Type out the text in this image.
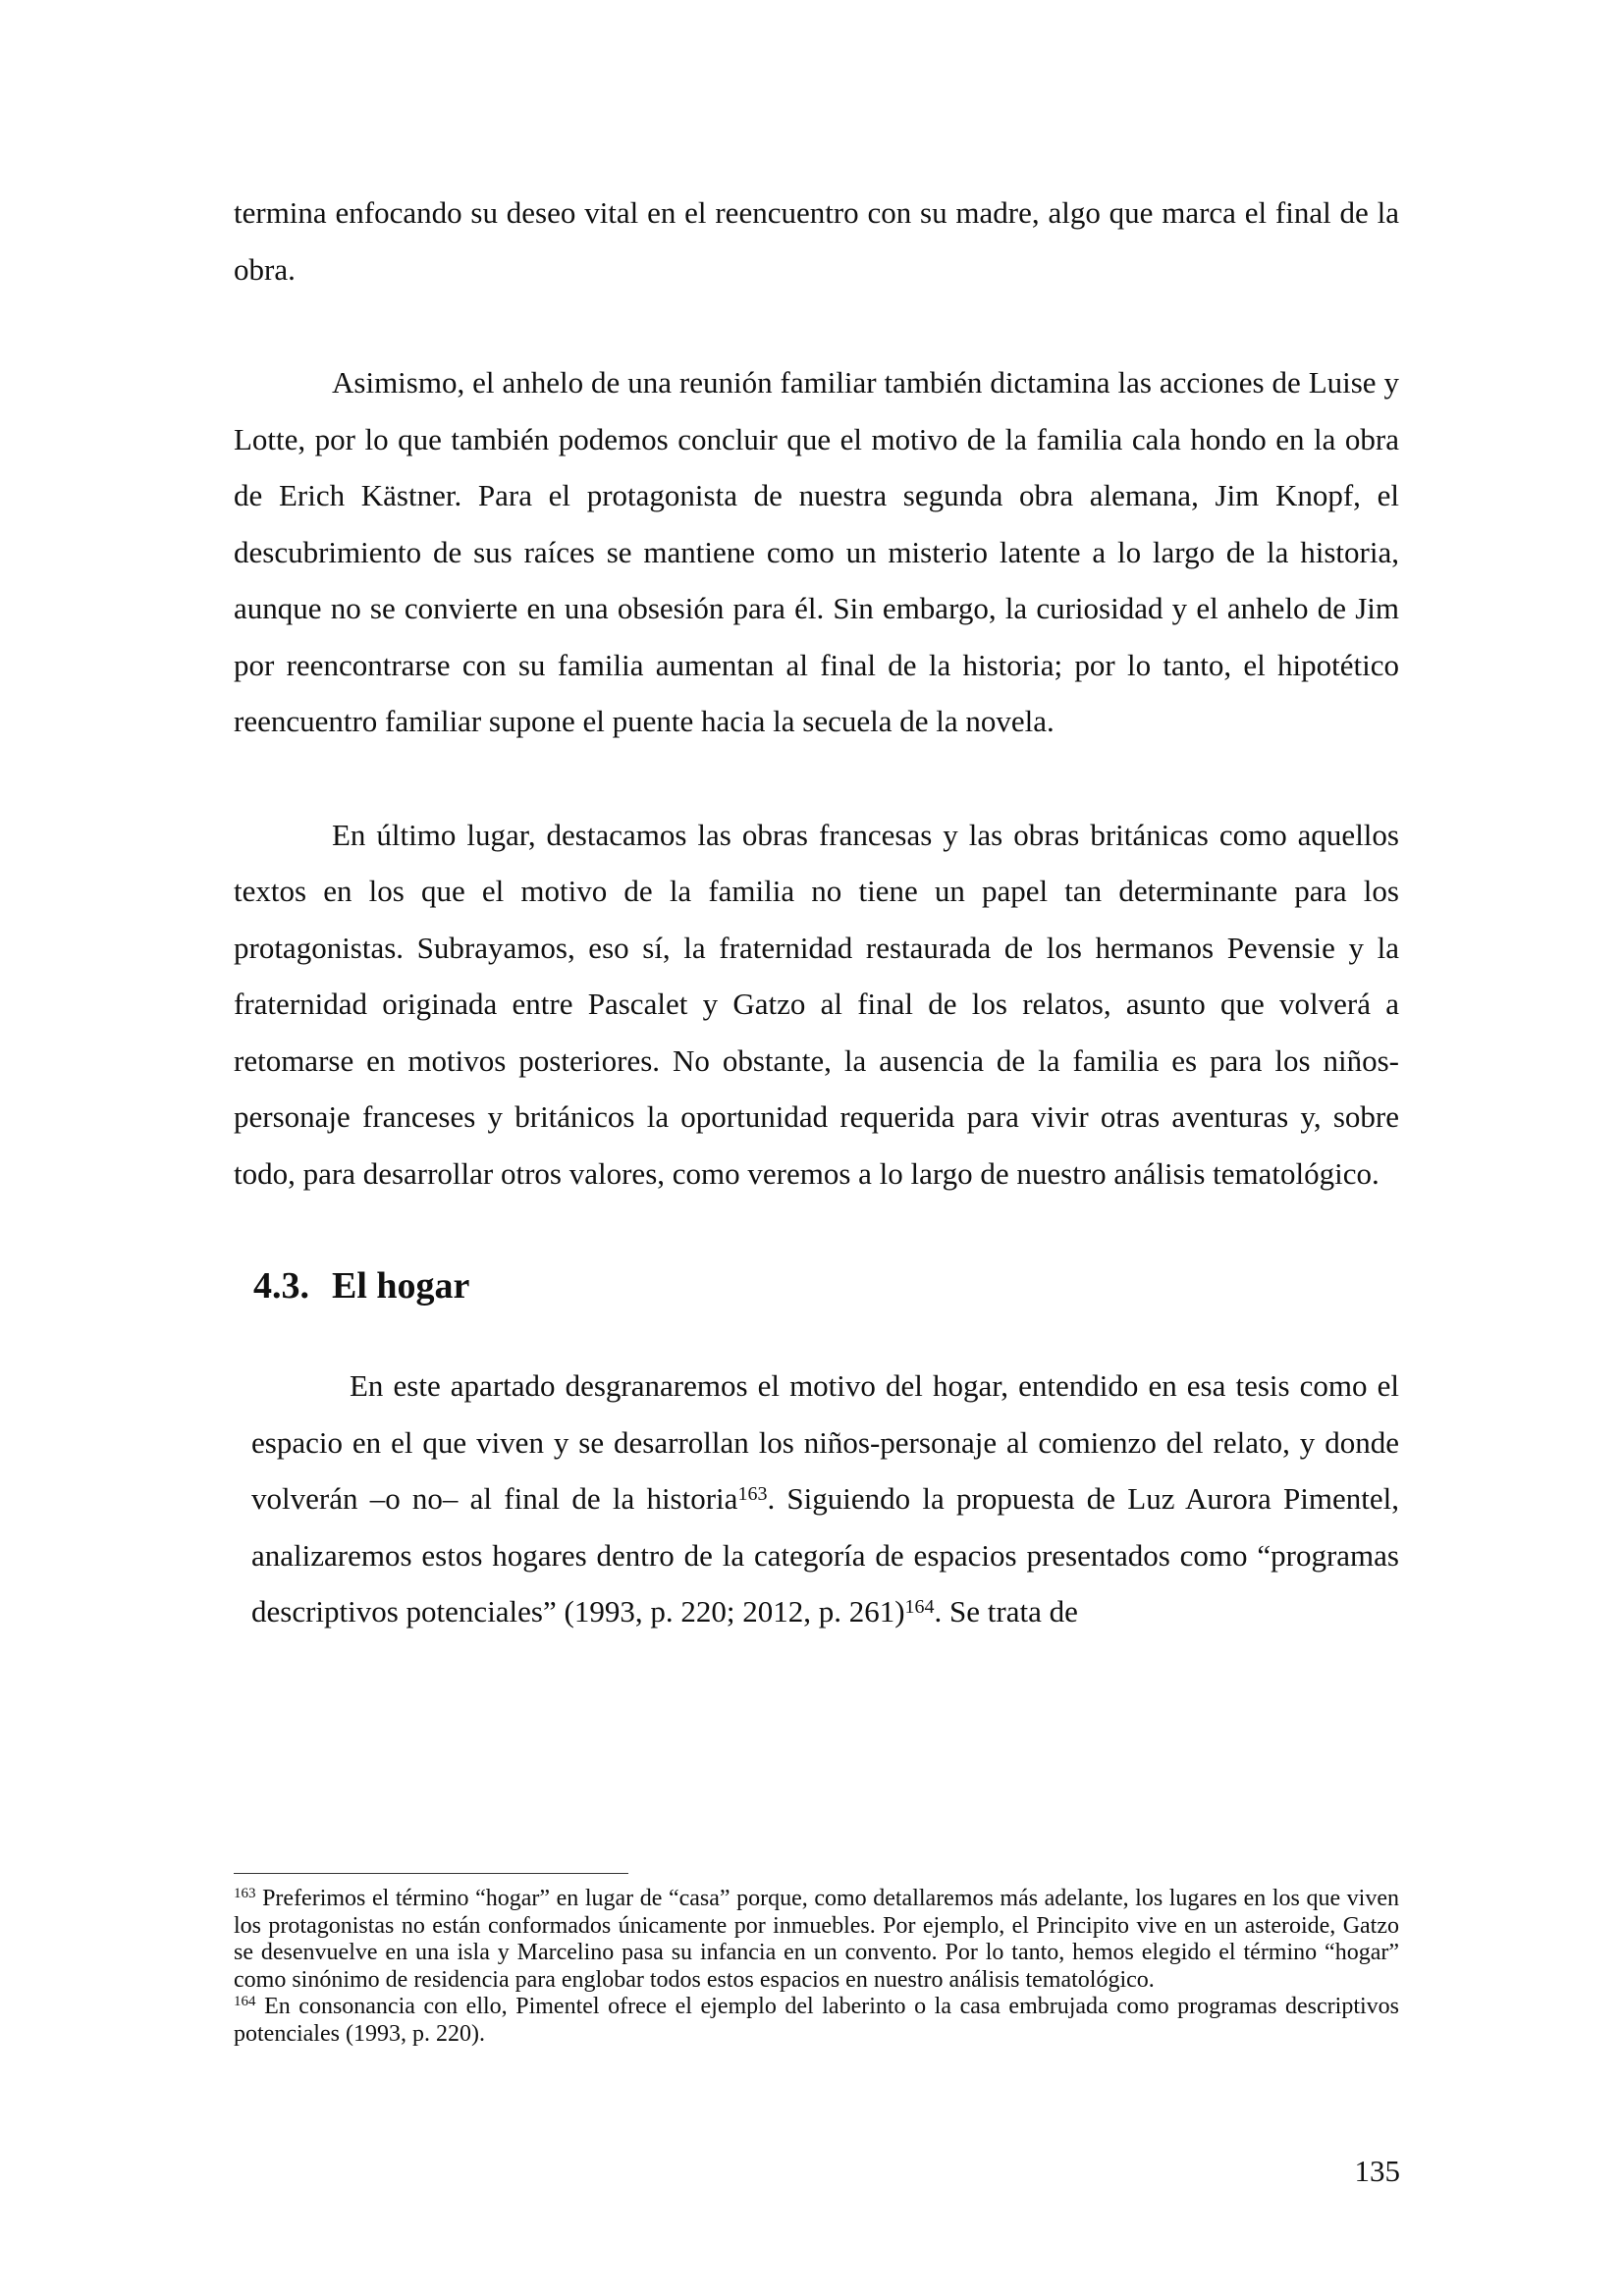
termina enfocando su deseo vital en el reencuentro con su madre, algo que marca el final de la obra.

Asimismo, el anhelo de una reunión familiar también dictamina las acciones de Luise y Lotte, por lo que también podemos concluir que el motivo de la familia cala hondo en la obra de Erich Kästner. Para el protagonista de nuestra segunda obra alemana, Jim Knopf, el descubrimiento de sus raíces se mantiene como un misterio latente a lo largo de la historia, aunque no se convierte en una obsesión para él. Sin embargo, la curiosidad y el anhelo de Jim por reencontrarse con su familia aumentan al final de la historia; por lo tanto, el hipotético reencuentro familiar supone el puente hacia la secuela de la novela.

En último lugar, destacamos las obras francesas y las obras británicas como aquellos textos en los que el motivo de la familia no tiene un papel tan determinante para los protagonistas. Subrayamos, eso sí, la fraternidad restaurada de los hermanos Pevensie y la fraternidad originada entre Pascalet y Gatzo al final de los relatos, asunto que volverá a retomarse en motivos posteriores. No obstante, la ausencia de la familia es para los niños-personaje franceses y británicos la oportunidad requerida para vivir otras aventuras y, sobre todo, para desarrollar otros valores, como veremos a lo largo de nuestro análisis tematológico.

4.3. El hogar

En este apartado desgranaremos el motivo del hogar, entendido en esa tesis como el espacio en el que viven y se desarrollan los niños-personaje al comienzo del relato, y donde volverán –o no– al final de la historia$^{163}$. Siguiendo la propuesta de Luz Aurora Pimentel, analizaremos estos hogares dentro de la categoría de espacios presentados como “programas descriptivos potenciales” (1993, p. 220; 2012, p. 261)$^{164}$. Se trata de

$^{163}$ Preferimos el término “hogar” en lugar de “casa” porque, como detallaremos más adelante, los lugares en los que viven los protagonistas no están conformados únicamente por inmuebles. Por ejemplo, el Principito vive en un asteroide, Gatzo se desenvuelve en una isla y Marcelino pasa su infancia en un convento. Por lo tanto, hemos elegido el término “hogar” como sinónimo de residencia para englobar todos estos espacios en nuestro análisis tematológico.

$^{164}$ En consonancia con ello, Pimentel ofrece el ejemplo del laberinto o la casa embrujada como programas descriptivos potenciales (1993, p. 220).

135
